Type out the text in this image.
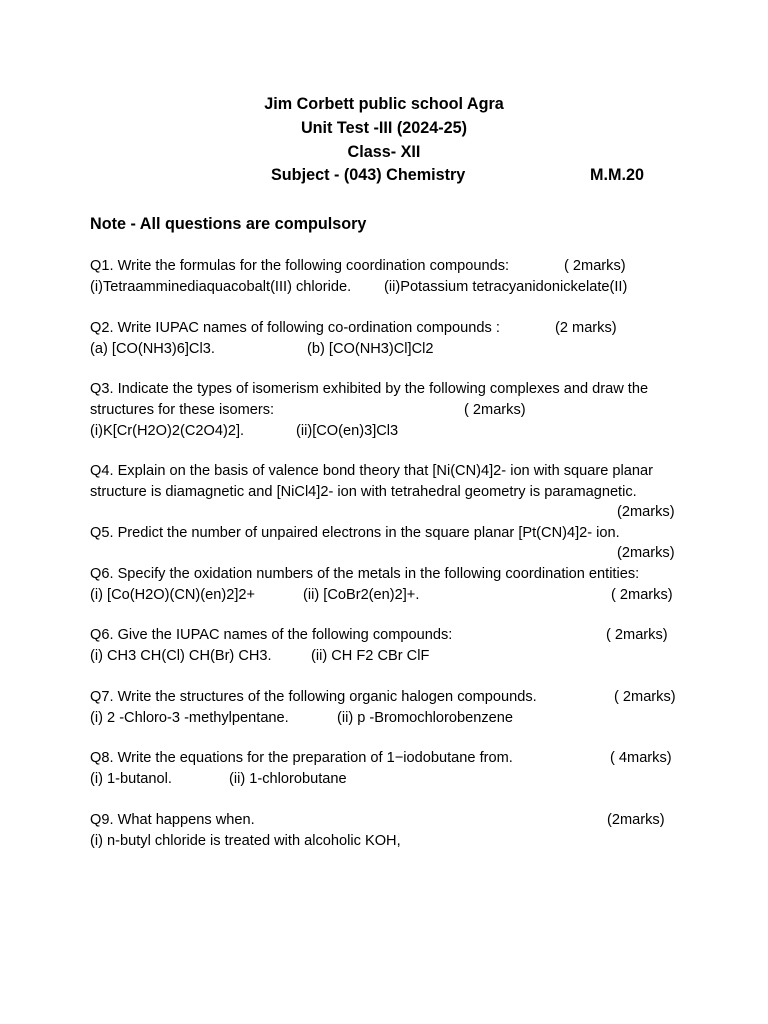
Jim Corbett public school Agra
Unit Test -III (2024-25)
Class- XII
Subject - (043) Chemistry	M.M.20
Note - All questions are compulsory
Q1. Write the formulas for the following coordination compounds:	( 2marks)
(i)Tetraamminediaquacobalt(III) chloride. (ii)Potassium tetracyanidonickelate(II)
Q2. Write IUPAC names of following co-ordination compounds :	(2 marks)
(a) [CO(NH3)6]Cl3.	(b) [CO(NH3)Cl]Cl2
Q3. Indicate the types of isomerism exhibited by the following complexes and draw the
structures for these isomers:	( 2marks)
(i)K[Cr(H2O)2(C2O4)2].	(ii)[CO(en)3]Cl3
Q4. Explain on the basis of valence bond theory that [Ni(CN)4]2- ion with square planar
structure is diamagnetic and [NiCl4]2- ion with tetrahedral geometry is paramagnetic.
(2marks)
Q5. Predict the number of unpaired electrons in the square planar [Pt(CN)4]2- ion.
(2marks)
Q6. Specify the oxidation numbers of the metals in the following coordination entities:
(i) [Co(H2O)(CN)(en)2]2+	(ii) [CoBr2(en)2]+.	( 2marks)
Q6. Give the IUPAC names of the following compounds:	( 2marks)
(i) CH3 CH(Cl) CH(Br) CH3.	(ii) CH F2 CBr ClF
Q7. Write the structures of the following organic halogen compounds.	( 2marks)
(i) 2 -Chloro-3 -methylpentane.	(ii) p -Bromochlorobenzene
Q8. Write the equations for the preparation of 1−iodobutane from.	( 4marks)
(i) 1-butanol.	(ii) 1-chlorobutane
Q9. What happens when.	(2marks)
(i) n-butyl chloride is treated with alcoholic KOH,
